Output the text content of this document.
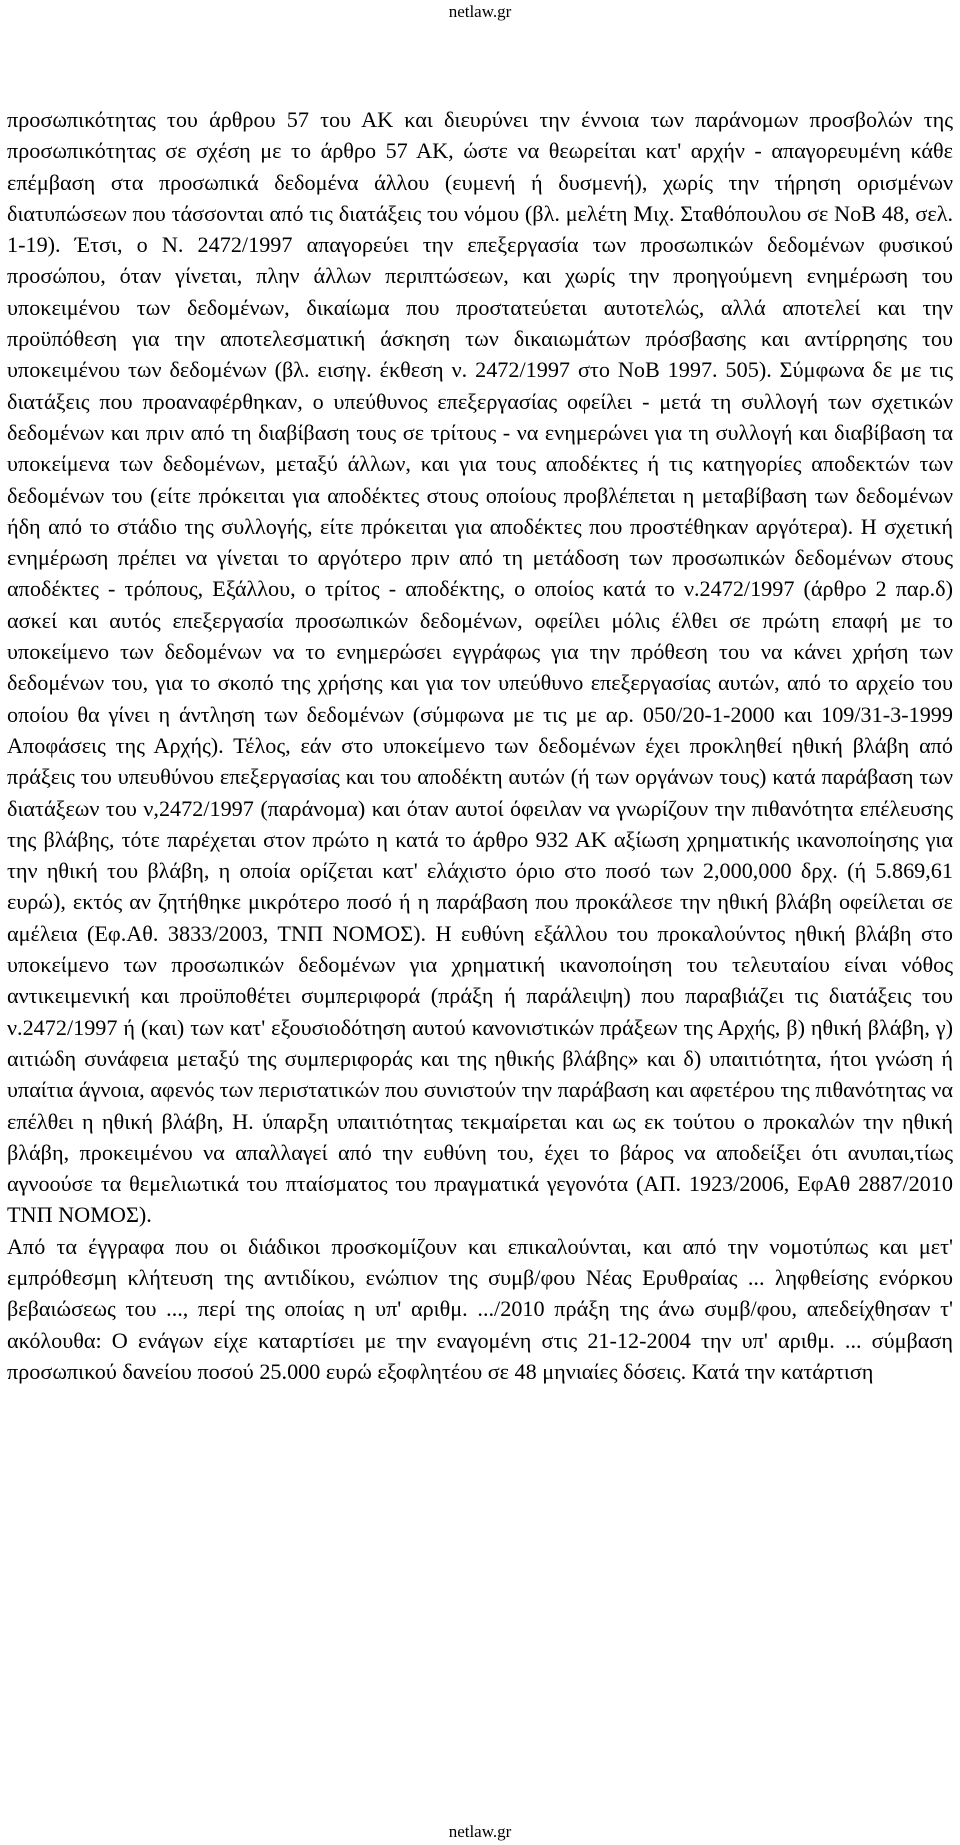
netlaw.gr

προσωπικότητας του άρθρου 57 του ΑΚ και διευρύνει την έννοια των παράνομων προσβολών της προσωπικότητας σε σχέση με το άρθρο 57 ΑΚ, ώστε να θεωρείται κατ' αρχήν - απαγορευμένη κάθε επέμβαση στα προσωπικά δεδομένα άλλου (ευμενή ή δυσμενή), χωρίς την τήρηση ορισμένων διατυπώσεων που τάσσονται από τις διατάξεις του νόμου (βλ. μελέτη Μιχ. Σταθόπουλου σε ΝοΒ 48, σελ. 1-19). Έτσι, ο Ν. 2472/1997 απαγορεύει την επεξεργασία των προσωπικών δεδομένων φυσικού προσώπου, όταν γίνεται, πλην άλλων περιπτώσεων, και χωρίς την προηγούμενη ενημέρωση του υποκειμένου των δεδομένων, δικαίωμα που προστατεύεται αυτοτελώς, αλλά αποτελεί και την προϋπόθεση για την αποτελεσματική άσκηση των δικαιωμάτων πρόσβασης και αντίρρησης του υποκειμένου των δεδομένων (βλ. εισηγ. έκθεση ν. 2472/1997 στο ΝοΒ 1997. 505). Σύμφωνα δε με τις διατάξεις που προαναφέρθηκαν, ο υπεύθυνος επεξεργασίας οφείλει - μετά τη συλλογή των σχετικών δεδομένων και πριν από τη διαβίβαση τους σε τρίτους - να ενημερώνει για τη συλλογή και διαβίβαση τα υποκείμενα των δεδομένων, μεταξύ άλλων, και για τους αποδέκτες ή τις κατηγορίες αποδεκτών των δεδομένων του (είτε πρόκειται για αποδέκτες στους οποίους προβλέπεται η μεταβίβαση των δεδομένων ήδη από το στάδιο της συλλογής, είτε πρόκειται για αποδέκτες που προστέθηκαν αργότερα). Η σχετική ενημέρωση πρέπει να γίνεται το αργότερο πριν από τη μετάδοση των προσωπικών δεδομένων στους αποδέκτες - τρόπους, Εξάλλου, ο τρίτος - αποδέκτης, ο οποίος κατά το ν.2472/1997 (άρθρο 2 παρ.δ) ασκεί και αυτός επεξεργασία προσωπικών δεδομένων, οφείλει μόλις έλθει σε πρώτη επαφή με το υποκείμενο των δεδομένων να το ενημερώσει εγγράφως για την πρόθεση του να κάνει χρήση των δεδομένων του, για το σκοπό της χρήσης και για τον υπεύθυνο επεξεργασίας αυτών, από το αρχείο του οποίου θα γίνει η άντληση των δεδομένων (σύμφωνα με τις με αρ. 050/20-1-2000 και 109/31-3-1999 Αποφάσεις της Αρχής). Τέλος, εάν στο υποκείμενο των δεδομένων έχει προκληθεί ηθική βλάβη από πράξεις του υπευθύνου επεξεργασίας και του αποδέκτη αυτών (ή των οργάνων τους) κατά παράβαση των διατάξεων του ν,2472/1997 (παράνομα) και όταν αυτοί όφειλαν να γνωρίζουν την πιθανότητα επέλευσης της βλάβης, τότε παρέχεται στον πρώτο η κατά το άρθρο 932 ΑΚ αξίωση χρηματικής ικανοποίησης για την ηθική του βλάβη, η οποία ορίζεται κατ' ελάχιστο όριο στο ποσό των 2,000,000 δρχ. (ή 5.869,61 ευρώ), εκτός αν ζητήθηκε μικρότερο ποσό ή η παράβαση που προκάλεσε την ηθική βλάβη οφείλεται σε αμέλεια (Εφ.Αθ. 3833/2003, ΤΝΠ ΝΟΜΟΣ). Η ευθύνη εξάλλου του προκαλούντος ηθική βλάβη στο υποκείμενο των προσωπικών δεδομένων για χρηματική ικανοποίηση του τελευταίου είναι νόθος αντικειμενική και προϋποθέτει συμπεριφορά (πράξη ή παράλειψη) που παραβιάζει τις διατάξεις του ν.2472/1997 ή (και) των κατ' εξουσιοδότηση αυτού κανονιστικών πράξεων της Αρχής, β) ηθική βλάβη, γ) αιτιώδη συνάφεια μεταξύ της συμπεριφοράς και της ηθικής βλάβης» και δ) υπαιτιότητα, ήτοι γνώση ή υπαίτια άγνοια, αφενός των περιστατικών που συνιστούν την παράβαση και αφετέρου της πιθανότητας να επέλθει η ηθική βλάβη, Η. ύπαρξη υπαιτιότητας τεκμαίρεται και ως εκ τούτου ο προκαλών την ηθική βλάβη, προκειμένου να απαλλαγεί από την ευθύνη του, έχει το βάρος να αποδείξει ότι ανυπαι,τίως αγνοούσε τα θεμελιωτικά του πταίσματος του πραγματικά γεγονότα (ΑΠ. 1923/2006, ΕφΑθ 2887/2010 ΤΝΠ ΝΟΜΟΣ).

Από τα έγγραφα που οι διάδικοι προσκομίζουν και επικαλούνται, και από την νομοτύπως και μετ' εμπρόθεσμη κλήτευση της αντιδίκου, ενώπιον της συμβ/φου Νέας Ερυθραίας ... ληφθείσης ενόρκου βεβαιώσεως του ..., περί της οποίας η υπ' αριθμ. .../2010 πράξη της άνω συμβ/φου, απεδείχθησαν τ' ακόλουθα: Ο ενάγων είχε καταρτίσει με την εναγομένη στις 21-12-2004 την υπ' αριθμ. ... σύμβαση προσωπικού δανείου ποσού 25.000 ευρώ εξοφλητέου σε 48 μηνιαίες δόσεις. Κατά την κατάρτιση

netlaw.gr
